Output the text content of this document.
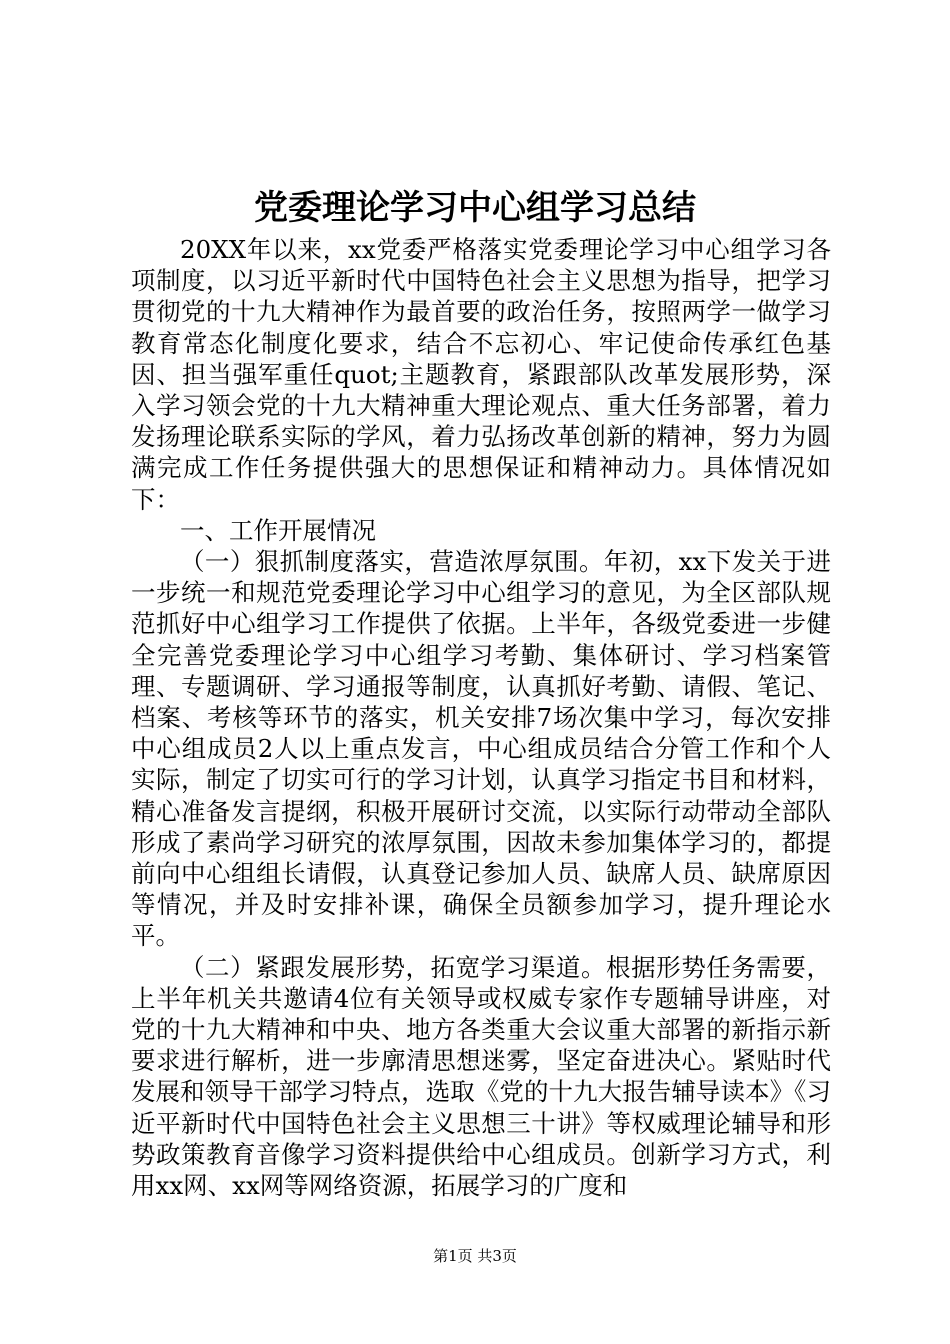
党委理论学习中心组学习总结

20XX年以来，xx党委严格落实党委理论学习中心组学习各项制度，以习近平新时代中国特色社会主义思想为指导，把学习贯彻党的十九大精神作为最首要的政治任务，按照两学一做学习教育常态化制度化要求，结合不忘初心、牢记使命传承红色基因、担当强军重任quot;主题教育，紧跟部队改革发展形势，深入学习领会党的十九大精神重大理论观点、重大任务部署，着力发扬理论联系实际的学风，着力弘扬改革创新的精神，努力为圆满完成工作任务提供强大的思想保证和精神动力。具体情况如下：

一、工作开展情况

（一）狠抓制度落实，营造浓厚氛围。年初，xx下发关于进一步统一和规范党委理论学习中心组学习的意见，为全区部队规范抓好中心组学习工作提供了依据。上半年，各级党委进一步健全完善党委理论学习中心组学习考勤、集体研讨、学习档案管理、专题调研、学习通报等制度，认真抓好考勤、请假、笔记、档案、考核等环节的落实，机关安排7场次集中学习，每次安排中心组成员2人以上重点发言，中心组成员结合分管工作和个人实际，制定了切实可行的学习计划，认真学习指定书目和材料，精心准备发言提纲，积极开展研讨交流，以实际行动带动全部队形成了素尚学习研究的浓厚氛围，因故未参加集体学习的，都提前向中心组组长请假，认真登记参加人员、缺席人员、缺席原因等情况，并及时安排补课，确保全员额参加学习，提升理论水平。

（二）紧跟发展形势，拓宽学习渠道。根据形势任务需要，上半年机关共邀请4位有关领导或权威专家作专题辅导讲座，对党的十九大精神和中央、地方各类重大会议重大部署的新指示新要求进行解析，进一步廓清思想迷雾，坚定奋进决心。紧贴时代发展和领导干部学习特点，选取《党的十九大报告辅导读本》《习近平新时代中国特色社会主义思想三十讲》等权威理论辅导和形势政策教育音像学习资料提供给中心组成员。创新学习方式，利用xx网、xx网等网络资源，拓展学习的广度和

第1页 共3页
